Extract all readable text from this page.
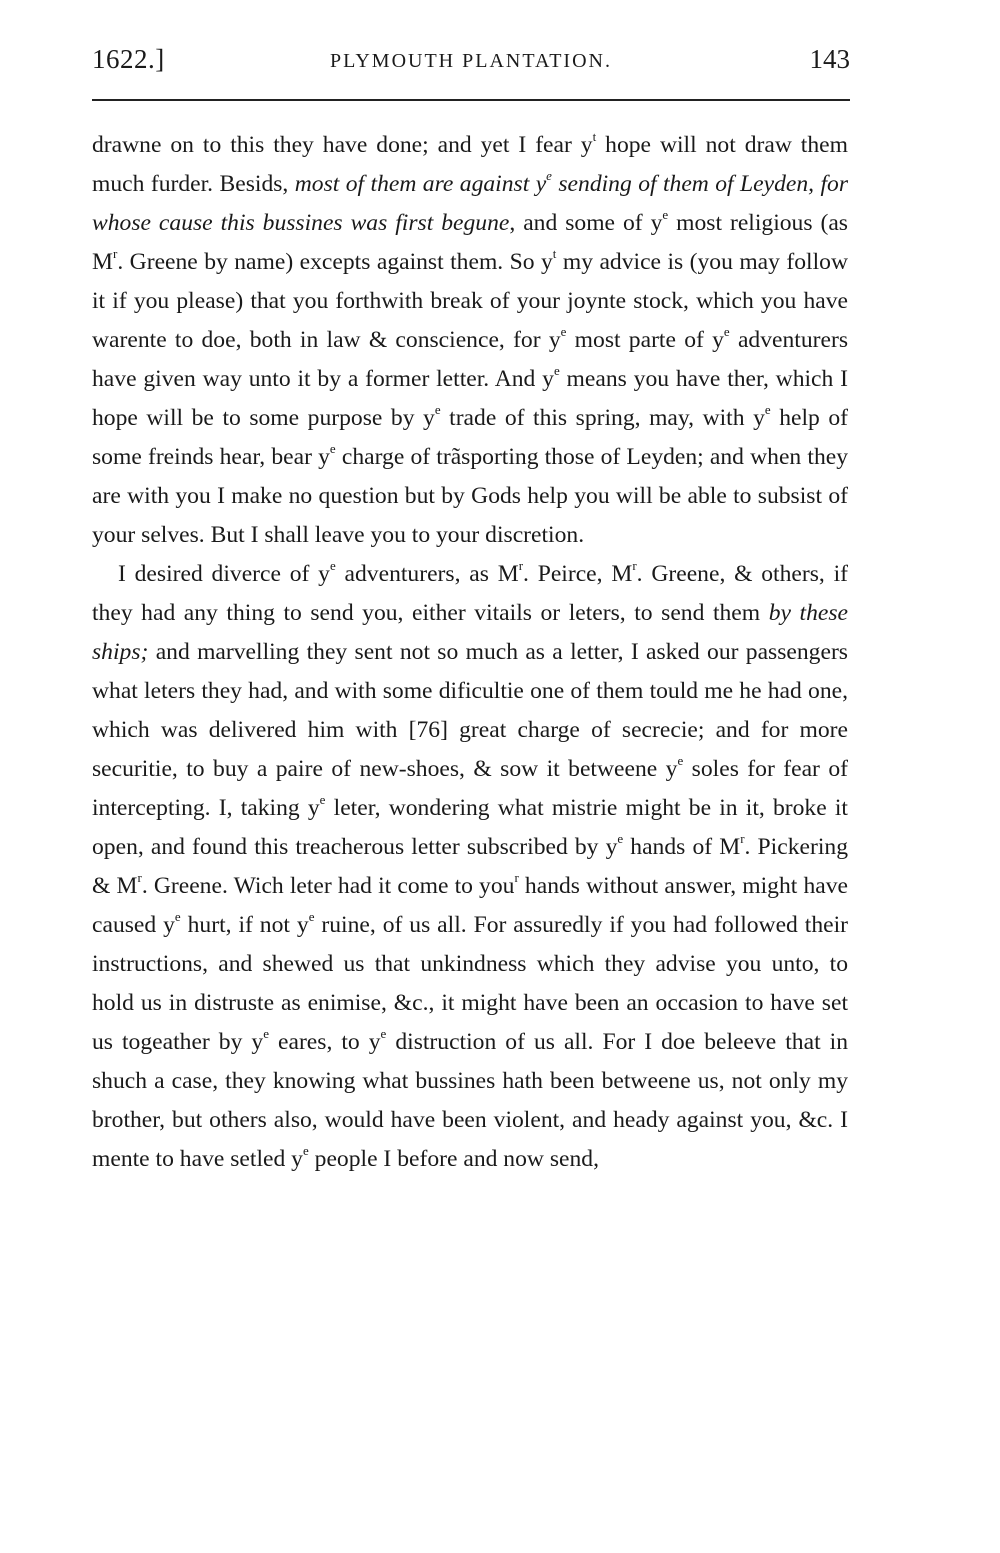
1622.]	PLYMOUTH PLANTATION.	143

drawne on to this they have done; and yet I fear $y^t$ hope will not draw them much furder. Besids, most of them are against $y^e$ sending of them of Leyden, for whose cause this bussines was first begune, and some of $y^e$ most religious (as $M^r$. Greene by name) excepts against them. So $y^t$ my advice is (you may follow it if you please) that you forthwith break of your joynte stock, which you have warente to doe, both in law & conscience, for $y^e$ most parte of $y^e$ adventurers have given way unto it by a former letter. And $y^e$ means you have ther, which I hope will be to some purpose by $y^e$ trade of this spring, may, with $y^e$ help of some freinds hear, bear $y^e$ charge of trãsporting those of Leyden; and when they are with you I make no question but by Gods help you will be able to subsist of your selves. But I shall leave you to your discretion.

I desired diverce of $y^e$ adventurers, as $M^r$. Peirce, $M^r$. Greene, & others, if they had any thing to send you, either vitails or leters, to send them by these ships; and marvelling they sent not so much as a letter, I asked our passengers what leters they had, and with some dificultie one of them tould me he had one, which was delivered him with [76] great charge of secrecie; and for more securitie, to buy a paire of new-shoes, & sow it betweene $y^e$ soles for fear of intercepting. I, taking $y^e$ leter, wondering what mistrie might be in it, broke it open, and found this treacherous letter subscribed by $y^e$ hands of $M^r$. Pickering & $M^r$. Greene. Wich leter had it come to you$^r$ hands without answer, might have caused $y^e$ hurt, if not $y^e$ ruine, of us all. For assuredly if you had followed their instructions, and shewed us that unkindness which they advise you unto, to hold us in distruste as enimise, &c., it might have been an occasion to have set us togeather by $y^e$ eares, to $y^e$ distruction of us all. For I doe beleeve that in shuch a case, they knowing what bussines hath been betweene us, not only my brother, but others also, would have been violent, and heady against you, &c. I mente to have setled $y^e$ people I before and now send,
